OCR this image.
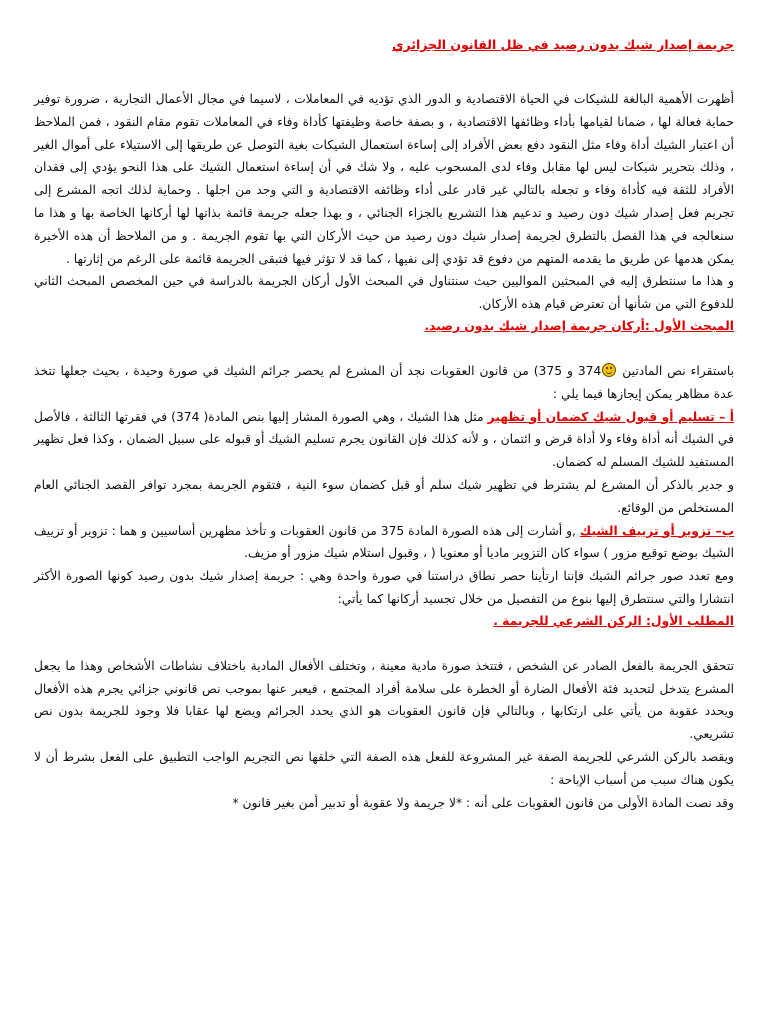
جريمة إصدار شيك بدون رصيد في ظل القانون الجزائري

أظهرت الأهمية البالغة للشيكات في الحياة الاقتصادية و الدور الذي تؤديه في المعاملات ، لاسيما في مجال الأعمال التجارية ، ضرورة توفير حماية فعالة لها ، ضمانا لقيامها بأداء وظائفها الاقتصادية ، و بصفة خاصة وظيفتها كأداة وفاء في المعاملات تقوم مقام النقود ، فمن الملاحظ أن اعتبار الشيك أداة وفاء مثل النقود دفع بعض الأفراد إلى إساءة استعمال الشيكات بغية التوصل عن طريقها إلى الاستيلاء على أموال الغير ، وذلك بتحرير شيكات ليس لها مقابل وفاء لدى المسحوب عليه ، ولا شك في أن إساءة استعمال الشيك على هذا النحو يؤدي إلى فقدان الأفراد للثقة فيه كأداة وفاء و تجعله بالتالي غير قادر على أداء وظائفه الاقتصادية و التي وجد من اجلها . وحماية لذلك اتجه المشرع إلى تجريم فعل إصدار شيك دون رصيد و تدعيم هذا التشريع بالجزاء الجنائي ، و بهذا جعله جريمة قائمة بذاتها لها أركانها الخاصة بها و هذا ما سنعالجه في هذا الفصل بالتطرق لجريمة إصدار شيك دون رصيد من حيث الأركان التي بها تقوم الجريمة . و من الملاحظ أن هذه الأخيرة يمكن هدمها عن طريق ما يقدمه المتهم من دفوع قد تؤدي إلى نفيها ، كما قد لا تؤثر فيها فتبقى الجريمة قائمة على الرغم من إثارتها .

و هذا ما سنتطرق إليه في المبحثين المواليين حيث سنتناول في المبحث الأول أركان الجريمة بالدراسة في حين المخصص المبحث الثاني للدفوع التي من شأنها أن تعترض قيام هذه الأركان.

المبحث الأول :أركان جريمة إصدار شيك بدون رصيد.

باستقراء نص المادتين 374 و 375) من قانون العقوبات نجد أن المشرع لم يحصر جرائم الشيك في صورة وحيدة ، بحيث جعلها تتخذ عدة مظاهر يمكن إيجازها فيما يلي :

أ – تسليم أو قبول شيك كضمان أو تظهير مثل هذا الشيك ، وهي الصورة المشار إليها بنص المادة( 374) في فقرتها الثالثة ، فالأصل في الشيك أنه أداة وفاء ولا أداة قرض و ائتمان ، و لأنه كذلك فإن القانون يجرم تسليم الشيك أو قبوله على سبيل الضمان ، وكذا فعل تظهير المستفيد للشيك المسلم له كضمان.

و جدير بالذكر أن المشرع لم يشترط في تظهير شيك سلم أو قبل كضمان سوء النية ، فتقوم الجريمة بمجرد توافر القصد الجنائي العام المستخلص من الوقائع.

ب– تزوير أو تزييف الشيك ,و أشارت إلى هذه الصورة المادة 375 من قانون العقوبات و تأخذ مظهرين أساسيين و هما : تزوير أو تزييف الشيك بوضع توقيع مزور ) سواء كان التزوير ماديا أو معنويا ( ، وقبول استلام شيك مزور أو مزيف.

ومع تعدد صور جرائم الشيك فإننا ارتأينا حصر نطاق دراستنا في صورة واحدة وهي : جريمة إصدار شيك بدون رصيد كونها الصورة الأكثر انتشارا والتي سنتطرق إليها بنوع من التفصيل من خلال تجسيد أركانها كما يأتي:

المطلب الأول: الركن الشرعي للجريمة .

تتحقق الجريمة بالفعل الصادر عن الشخص ، فتتخذ صورة مادية معينة ، وتختلف الأفعال المادية باختلاف نشاطات الأشخاص وهذا ما يجعل المشرع يتدخل لتحديد فئة الأفعال الضارة أو الخطرة على سلامة أفراد المجتمع ، فيعبر عنها بموجب نص قانوني جزائي يجرم هذه الأفعال ويحدد عقوبة من يأتي على ارتكابها ، وبالتالي فإن قانون العقوبات هو الذي يحدد الجرائم ويضع لها عقابا فلا وجود للجريمة بدون نص تشريعي.

ويقصد بالركن الشرعي للجريمة الصفة غير المشروعة للفعل هذه الصفة التي خلقها نص التجريم الواجب التطبيق على الفعل بشرط أن لا يكون هناك سبب من أسباب الإباحة :

وقد نصت المادة الأولى من قانون العقوبات على أنه : *لا جريمة ولا عقوبة أو تدبير أمن بغير قانون *
